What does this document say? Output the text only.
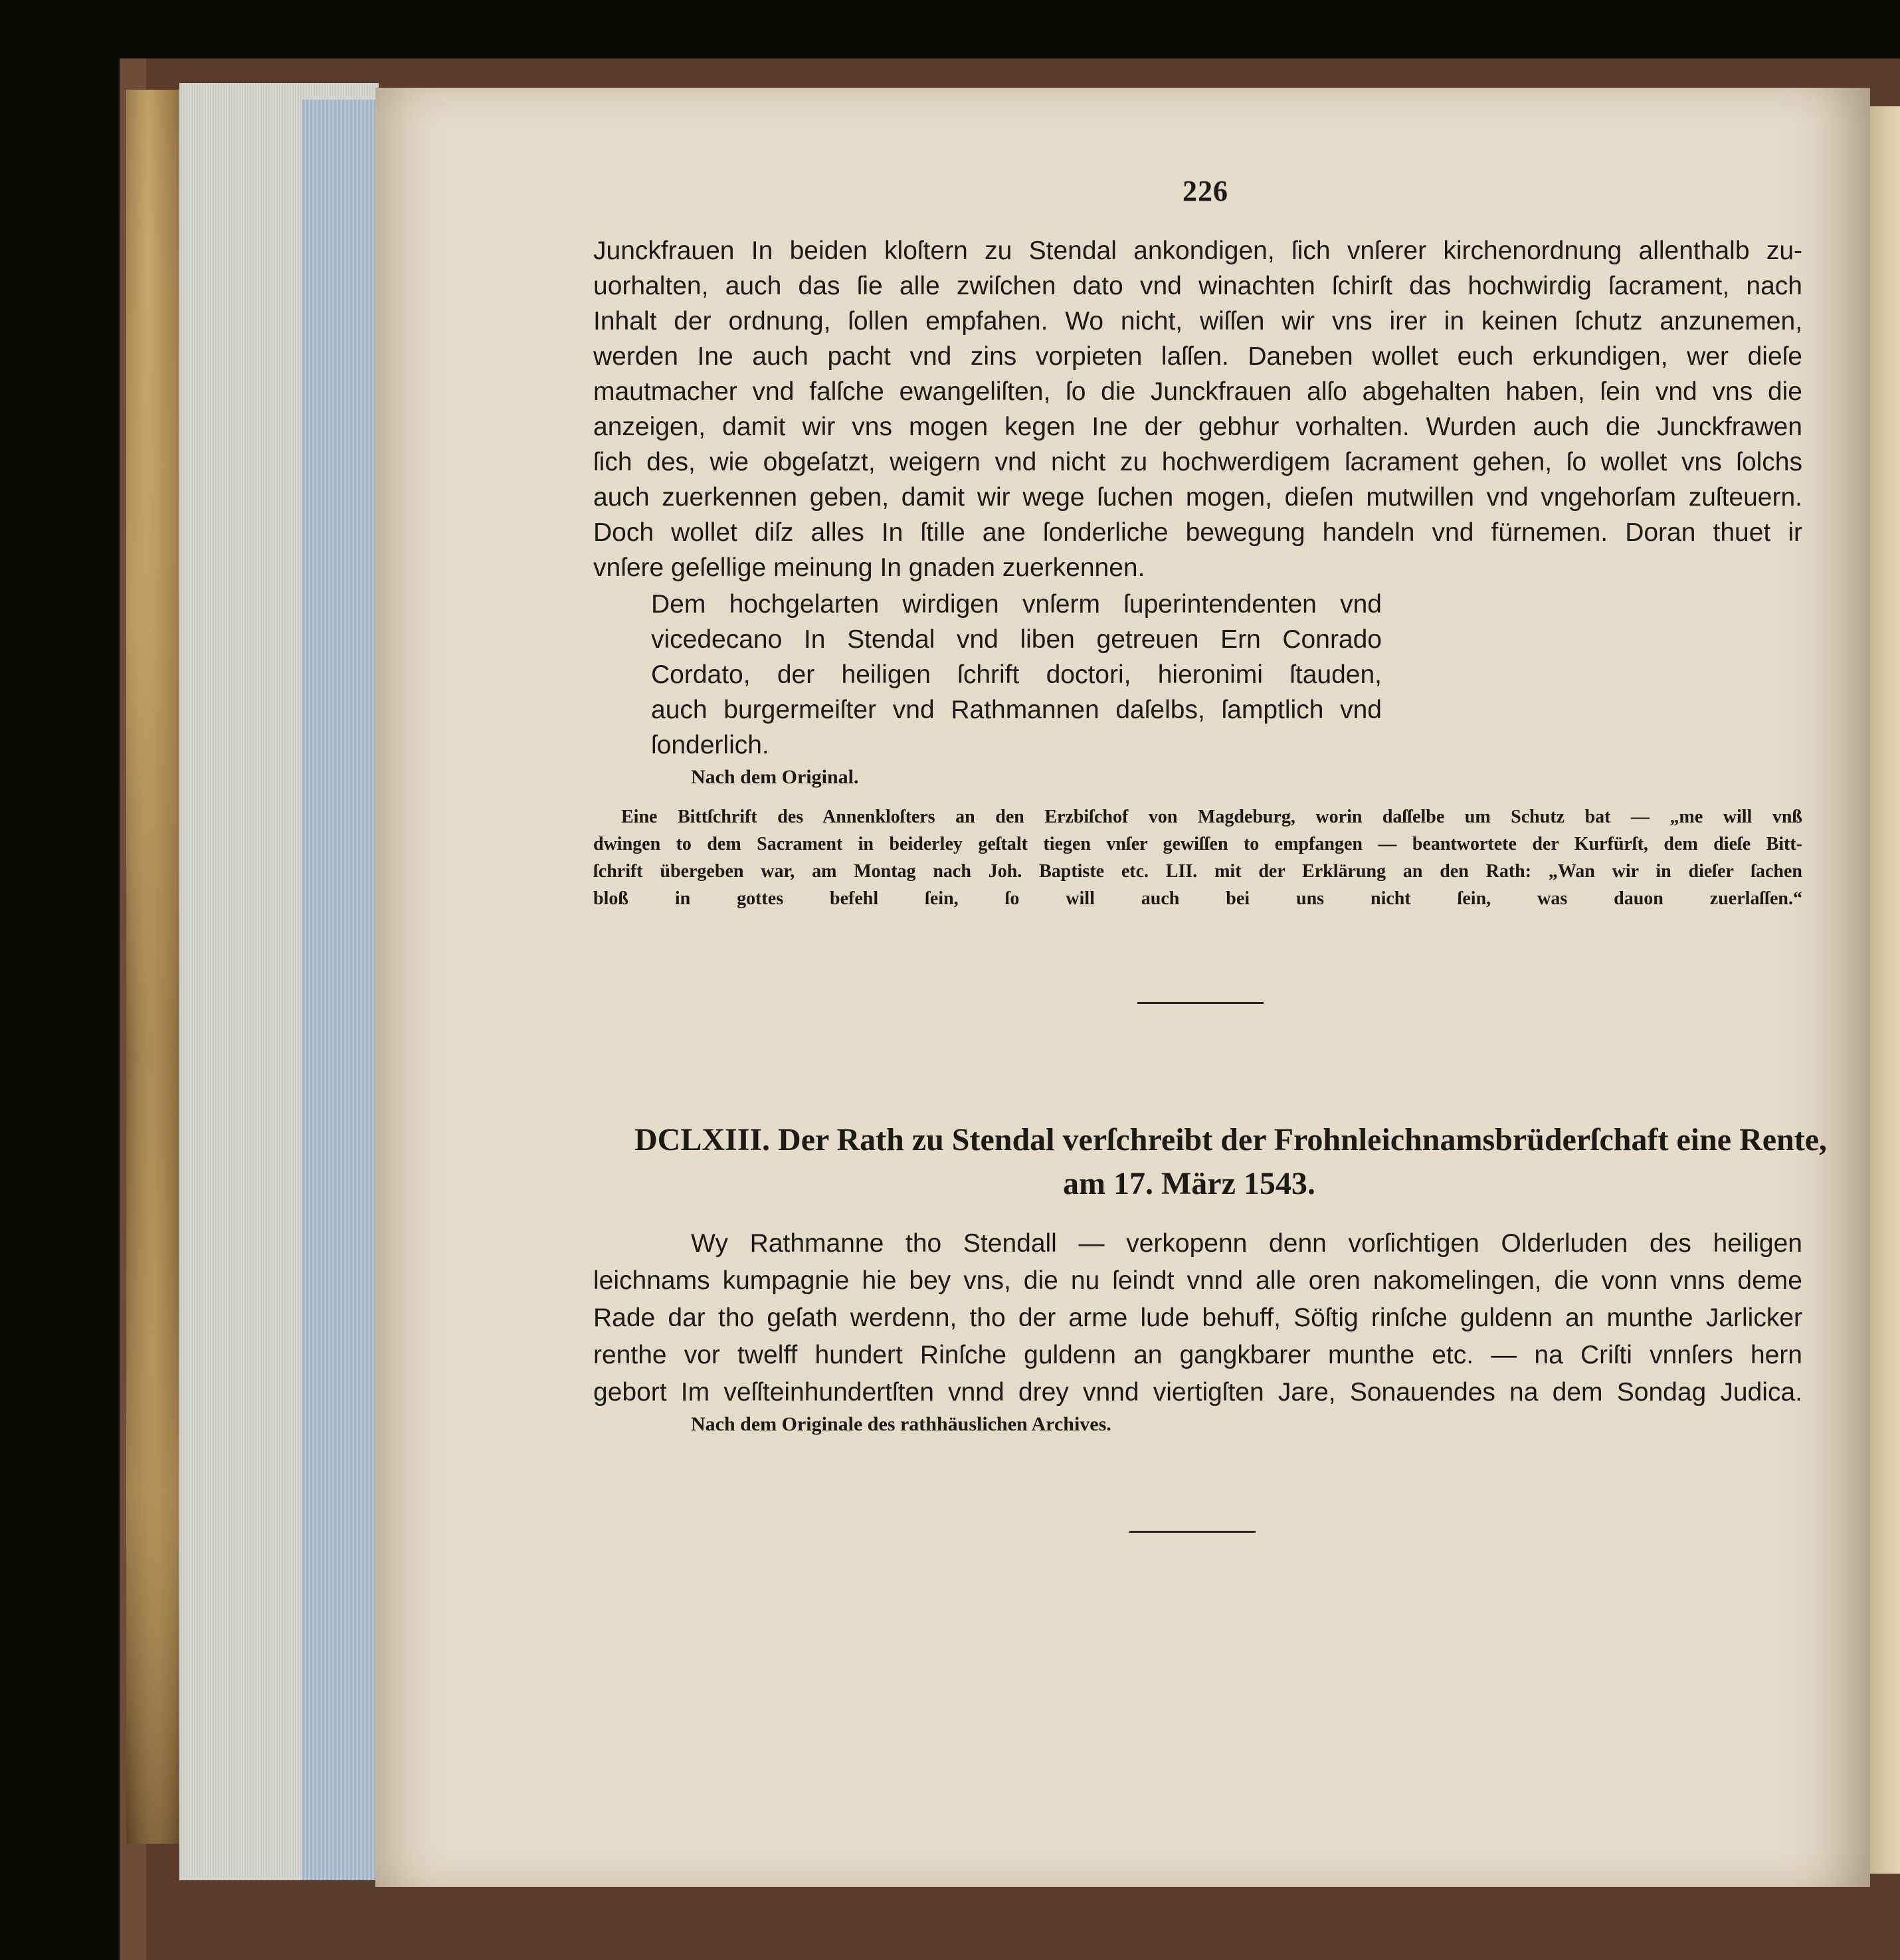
226
Junckfrauen In beiden kloſtern zu Stendal ankondigen, ſich vnſerer kirchenordnung allenthalb zu-
uorhalten, auch das ſie alle zwiſchen dato vnd winachten ſchirſt das hochwirdig ſacrament, nach
Inhalt der ordnung, ſollen empfahen. Wo nicht, wiſſen wir vns irer in keinen ſchutz anzunemen,
werden Ine auch pacht vnd zins vorpieten laſſen. Daneben wollet euch erkundigen, wer dieſe
mautmacher vnd falſche ewangeliſten, ſo die Junckfrauen alſo abgehalten haben, ſein vnd vns die
anzeigen, damit wir vns mogen kegen Ine der gebhur vorhalten. Wurden auch die Junckfrawen
ſich des, wie obgeſatzt, weigern vnd nicht zu hochwerdigem ſacrament gehen, ſo wollet vns ſolchs
auch zuerkennen geben, damit wir wege ſuchen mogen, dieſen mutwillen vnd vngehorſam zuſteuern.
Doch wollet diſz alles In ſtille ane ſonderliche bewegung handeln vnd fürnemen. Doran thuet ir
vnſere geſellige meinung In gnaden zuerkennen.
Dem hochgelarten wirdigen vnſerm ſuperintendenten vnd
vicedecano In Stendal vnd liben getreuen Ern Conrado
Cordato, der heiligen ſchrift doctori, hieronimi ſtauden,
auch burgermeiſter vnd Rathmannen daſelbs, ſamptlich vnd
ſonderlich.
Nach dem Original.
Eine Bittſchrift des Annenkloſters an den Erzbiſchof von Magdeburg, worin daſſelbe um Schutz bat — „me will vnß
dwingen to dem Sacrament in beiderley geſtalt tiegen vnſer gewiſſen to empfangen — beantwortete der Kurfürſt, dem dieſe Bitt-
ſchrift übergeben war, am Montag nach Joh. Baptiste etc. LII. mit der Erklärung an den Rath: „Wan wir in dieſer ſachen
bloß in gottes befehl ſein, ſo will auch bei uns nicht ſein, was dauon zuerlaſſen.“
DCLXIII. Der Rath zu Stendal verſchreibt der Frohnleichnamsbrüderſchaft eine Rente,
am 17. März 1543.
Wy Rathmanne tho Stendall — verkopenn denn vorſichtigen Olderluden des heiligen
leichnams kumpagnie hie bey vns, die nu ſeindt vnnd alle oren nakomelingen, die vonn vnns deme
Rade dar tho geſath werdenn, tho der arme lude behuff, Söſtig rinſche guldenn an munthe Jarlicker
renthe vor twelff hundert Rinſche guldenn an gangkbarer munthe etc. — na Criſti vnnſers hern
gebort Im veſſteinhundertſten vnnd drey vnnd viertigſten Jare, Sonauendes na dem Sondag Judica.
Nach dem Originale des rathhäuslichen Archives.
